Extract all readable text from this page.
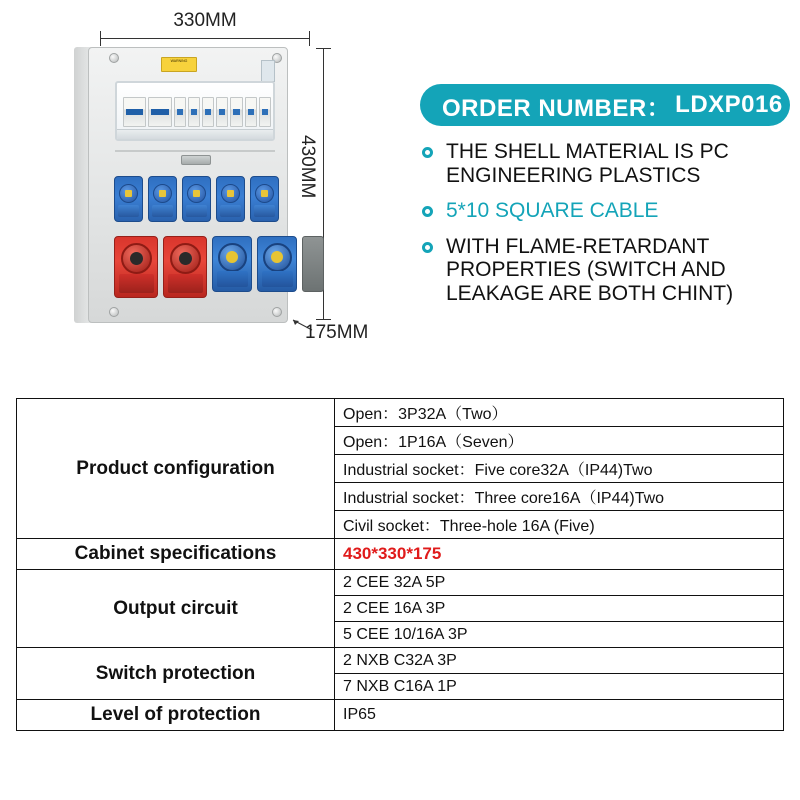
330MM
430MM
175MM
WARNING
ORDER NUMBER： LDXP016
THE SHELL MATERIAL IS PC ENGINEERING PLASTICS
5*10 SQUARE CABLE
WITH FLAME-RETARDANT PROPERTIES (SWITCH AND LEAKAGE ARE BOTH CHINT)
Product configuration	Open：3P32A（Two）
	Open：1P16A（Seven）
	Industrial socket：Five core32A（IP44)Two
	Industrial socket：Three core16A（IP44)Two
	Civil socket：Three-hole 16A (Five)
Cabinet specifications	430*330*175
Output circuit	2 CEE 32A 5P
	2 CEE 16A 3P
	5 CEE 10/16A 3P
Switch protection	2 NXB C32A 3P
	7 NXB C16A 1P
Level of protection	IP65
